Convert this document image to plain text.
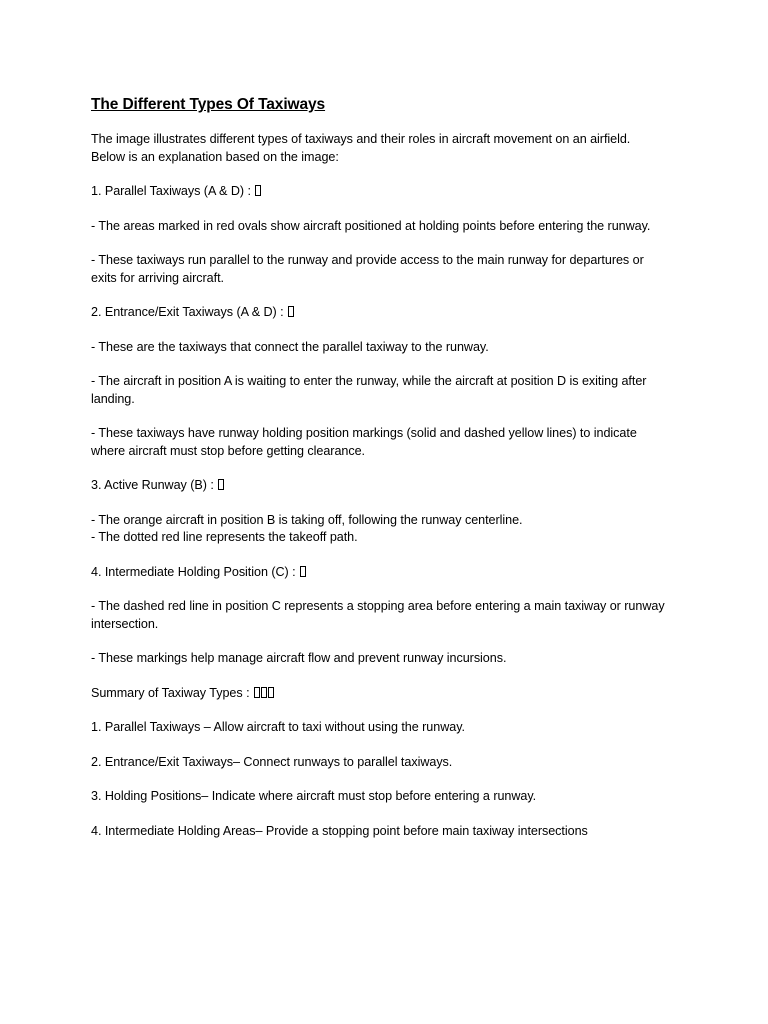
The Different Types Of Taxiways
The image illustrates different types of taxiways and their roles in aircraft movement on an airfield.
Below is an explanation based on the image:
1. Parallel Taxiways (A & D) :
- The areas marked in red ovals show aircraft positioned at holding points before entering the runway.
- These taxiways run parallel to the runway and provide access to the main runway for departures or
exits for arriving aircraft.
2. Entrance/Exit Taxiways (A & D) :
- These are the taxiways that connect the parallel taxiway to the runway.
- The aircraft in position A is waiting to enter the runway, while the aircraft at position D is exiting after
landing.
- These taxiways have runway holding position markings (solid and dashed yellow lines) to indicate
where aircraft must stop before getting clearance.
3. Active Runway (B) :
- The orange aircraft in position B is taking off, following the runway centerline.
- The dotted red line represents the takeoff path.
4. Intermediate Holding Position (C) :
- The dashed red line in position C represents a stopping area before entering a main taxiway or runway
intersection.
- These markings help manage aircraft flow and prevent runway incursions.
Summary of Taxiway Types :
1. Parallel Taxiways – Allow aircraft to taxi without using the runway.
2. Entrance/Exit Taxiways– Connect runways to parallel taxiways.
3. Holding Positions– Indicate where aircraft must stop before entering a runway.
4. Intermediate Holding Areas– Provide a stopping point before main taxiway intersections
